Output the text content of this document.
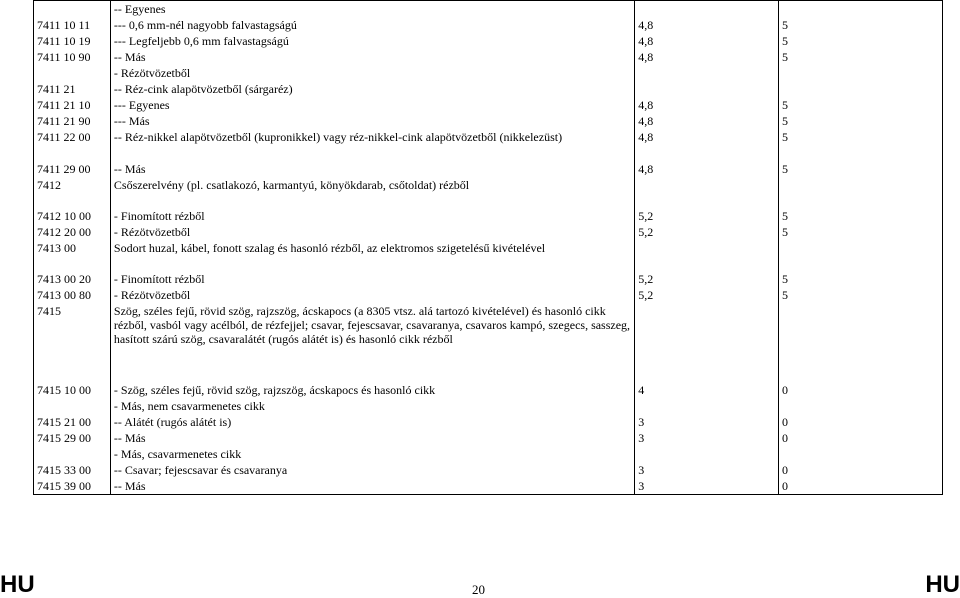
	-- Egyenes		
7411 10 11	--- 0,6 mm-nél nagyobb falvastagságú	4,8	5
7411 10 19	--- Legfeljebb 0,6 mm falvastagságú	4,8	5
7411 10 90	-- Más	4,8	5
	- Rézötvözetből		
7411 21	-- Réz-cink alapötvözetből (sárgaréz)		
7411 21 10	--- Egyenes	4,8	5
7411 21 90	--- Más	4,8	5
7411 22 00	-- Réz-nikkel alapötvözetből (kupronikkel) vagy réz-nikkel-cink alapötvözetből (nikkelezüst)	4,8	5
7411 29 00	-- Más	4,8	5
7412	Csőszerelvény (pl. csatlakozó, karmantyú, könyökdarab, csőtoldat) rézből		
7412 10 00	- Finomított rézből	5,2	5
7412 20 00	- Rézötvözetből	5,2	5
7413 00	Sodort huzal, kábel, fonott szalag és hasonló rézből, az elektromos szigetelésű kivételével		
7413 00 20	- Finomított rézből	5,2	5
7413 00 80	- Rézötvözetből	5,2	5
7415	Szög, széles fejű, rövid szög, rajzszög, ácskapocs (a 8305 vtsz. alá tartozó kivételével) és hasonló cikk rézből, vasból vagy acélból, de rézfejjel; csavar, fejescsavar, csavaranya, csavaros kampó, szegecs, sasszeg, hasított szárú szög, csavaralátét (rugós alátét is) és hasonló cikk rézből		
7415 10 00	- Szög, széles fejű, rövid szög, rajzszög, ácskapocs és hasonló cikk	4	0
	- Más, nem csavarmenetes cikk		
7415 21 00	-- Alátét (rugós alátét is)	3	0
7415 29 00	-- Más	3	0
	- Más, csavarmenetes cikk		
7415 33 00	-- Csavar; fejescsavar és csavaranya	3	0
7415 39 00	-- Más	3	0
HU	20	HU
